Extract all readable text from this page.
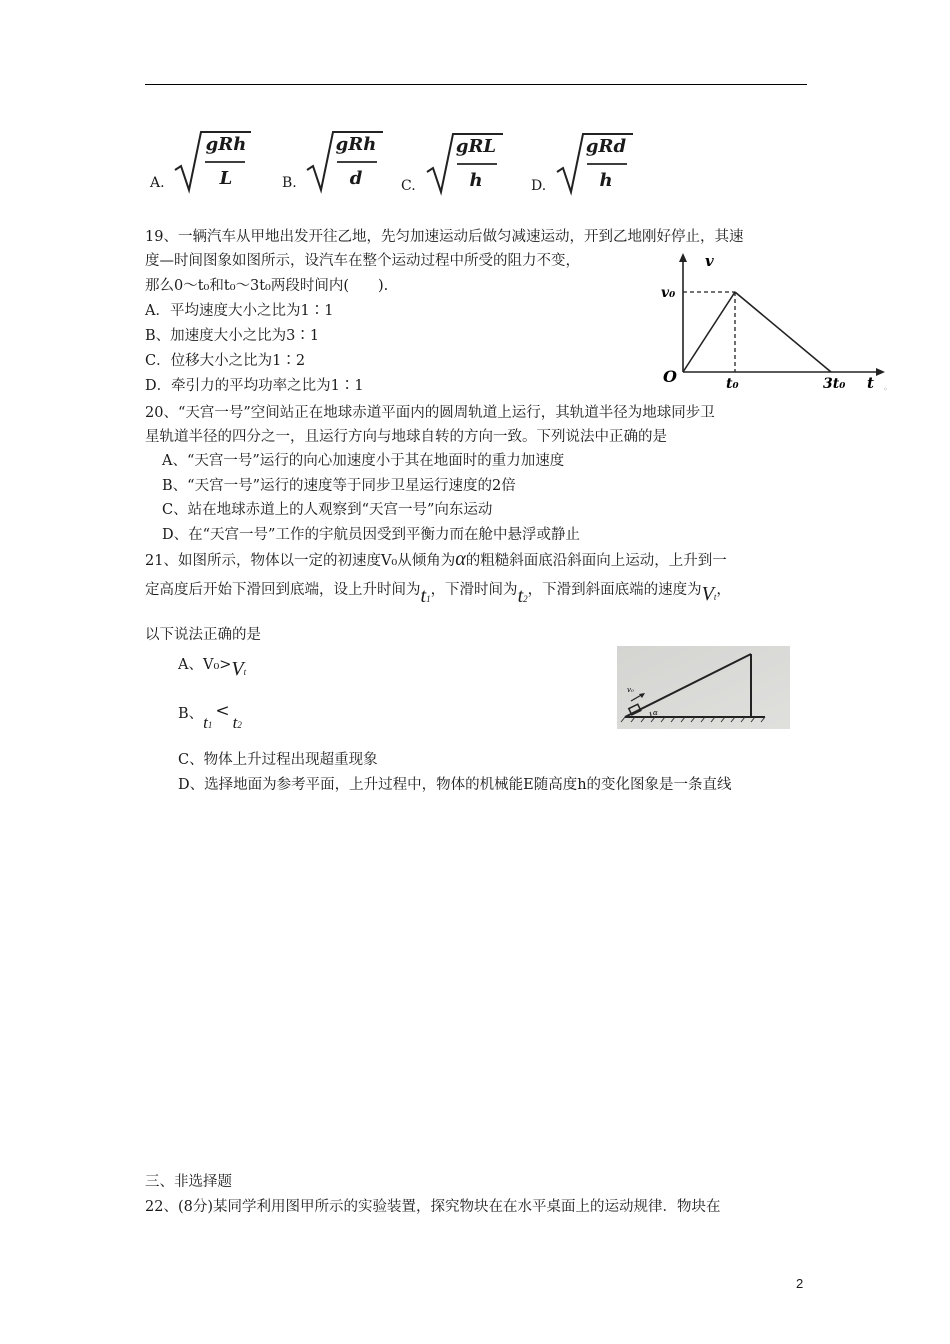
A.
gRh
L	B.
gRh
d	C.
gRL
h	D.
gRd
h
19、一辆汽车从甲地出发开往乙地，先匀加速运动后做匀减速运动，开到乙地刚好停止，其速
度—时间图象如图所示，设汽车在整个运动过程中所受的阻力不变，
那么0～t₀和t₀～3t₀两段时间内(　　).
A．平均速度大小之比为1∶1
B、加速度大小之比为3∶1
C．位移大小之比为1∶2
D．牵引力的平均功率之比为1∶1
v
v₀
O	t₀	3t₀ t ◦
20、“天宫一号”空间站正在地球赤道平面内的圆周轨道上运行，其轨道半径为地球同步卫
星轨道半径的四分之一，且运行方向与地球自转的方向一致。下列说法中正确的是
A、“天宫一号”运行的向心加速度小于其在地面时的重力加速度
B、“天宫一号”运行的速度等于同步卫星运行速度的2倍
C、站在地球赤道上的人观察到“天宫一号”向东运动
D、在“天宫一号”工作的宇航员因受到平衡力而在舱中悬浮或静止
21、如图所示，物体以一定的初速度V₀从倾角为α的粗糙斜面底沿斜面向上运动，上升到一
定高度后开始下滑回到底端，设上升时间为t1，下滑时间为t2，下滑到斜面底端的速度为Vt，
以下说法正确的是
A、V₀>Vt
B、t1<t2
C、物体上升过程出现超重现象
D、选择地面为参考平面，上升过程中，物体的机械能E随高度h的变化图象是一条直线
v₀
α
三、非选择题
22、(8分)某同学利用图甲所示的实验装置，探究物块在在水平桌面上的运动规律．物块在
2
